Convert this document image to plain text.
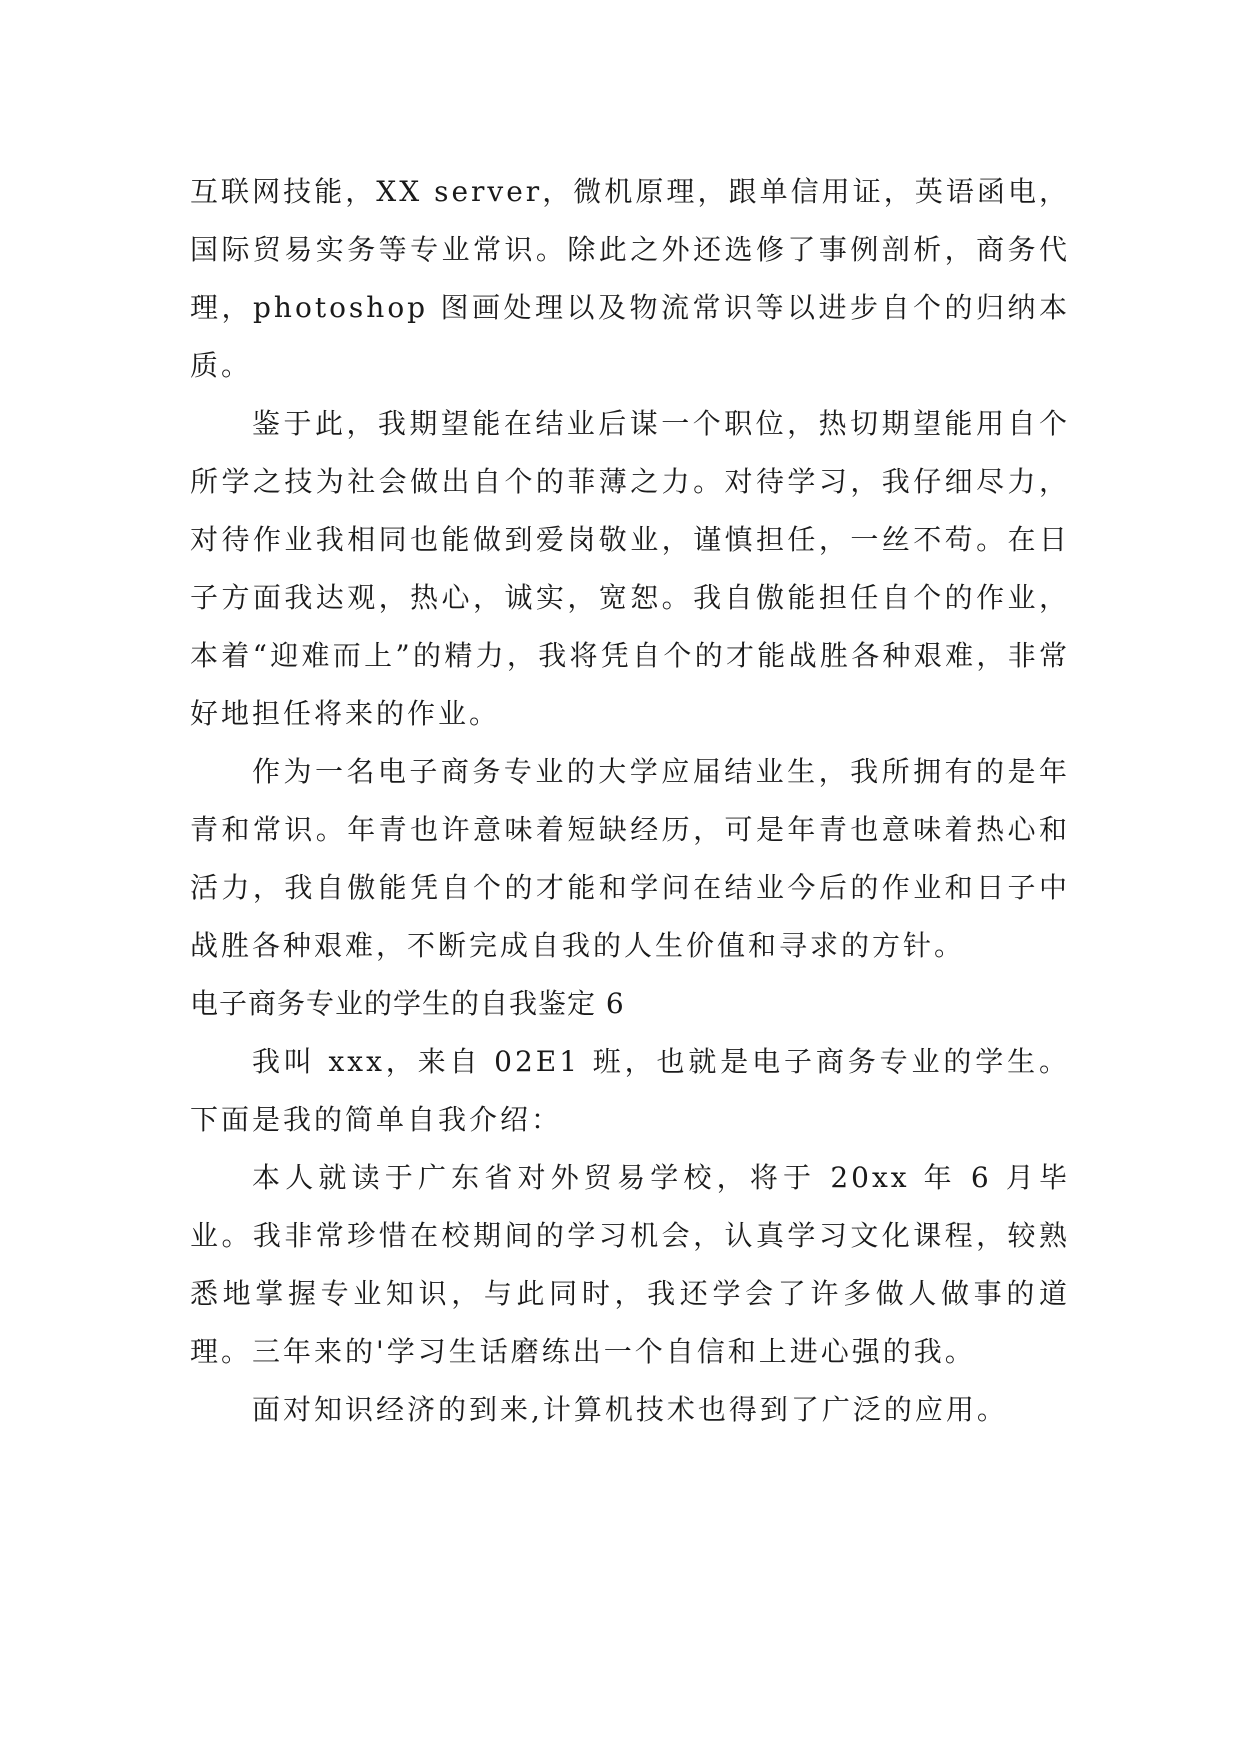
互联网技能，XX server，微机原理，跟单信用证，英语函电，国际贸易实务等专业常识。除此之外还选修了事例剖析，商务代理，photoshop 图画处理以及物流常识等以进步自个的归纳本质。

鉴于此，我期望能在结业后谋一个职位，热切期望能用自个所学之技为社会做出自个的菲薄之力。对待学习，我仔细尽力，对待作业我相同也能做到爱岗敬业，谨慎担任，一丝不苟。在日子方面我达观，热心，诚实，宽恕。我自傲能担任自个的作业，本着“迎难而上”的精力，我将凭自个的才能战胜各种艰难，非常好地担任将来的作业。

作为一名电子商务专业的大学应届结业生，我所拥有的是年青和常识。年青也许意味着短缺经历，可是年青也意味着热心和活力，我自傲能凭自个的才能和学问在结业今后的作业和日子中战胜各种艰难，不断完成自我的人生价值和寻求的方针。

电子商务专业的学生的自我鉴定 6

我叫 xxx，来自 02E1 班，也就是电子商务专业的学生。下面是我的简单自我介绍：

本人就读于广东省对外贸易学校，将于 20xx 年 6 月毕业。我非常珍惜在校期间的学习机会，认真学习文化课程，较熟悉地掌握专业知识，与此同时，我还学会了许多做人做事的道理。三年来的'学习生话磨练出一个自信和上进心强的我。

面对知识经济的到来,计算机技术也得到了广泛的应用。
